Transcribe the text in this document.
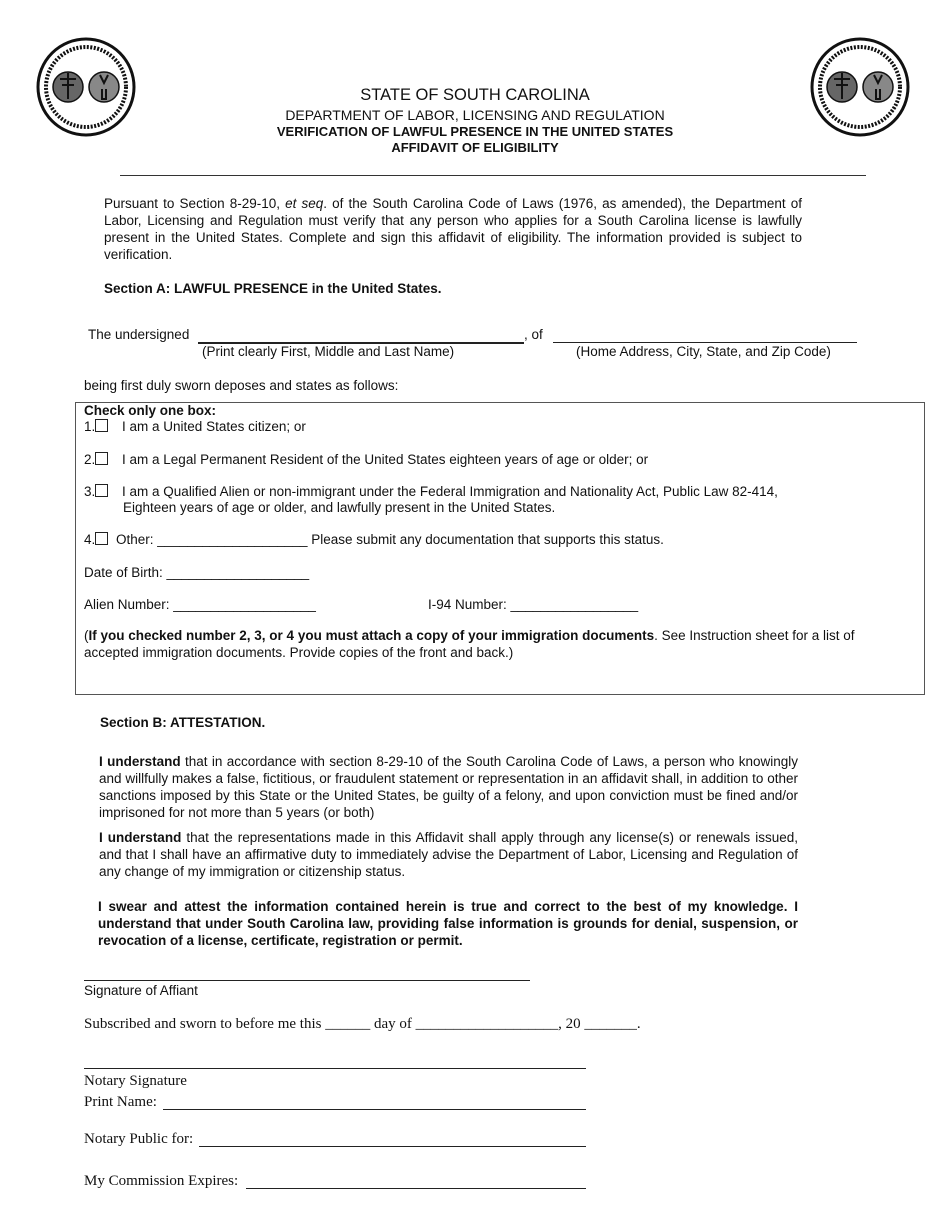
STATE OF SOUTH CAROLINA
DEPARTMENT OF LABOR, LICENSING AND REGULATION
VERIFICATION OF LAWFUL PRESENCE IN THE UNITED STATES
AFFIDAVIT OF ELIGIBILITY
Pursuant to Section 8-29-10, et seq. of the South Carolina Code of Laws (1976, as amended), the Department of Labor, Licensing and Regulation must verify that any person who applies for a South Carolina license is lawfully present in the United States. Complete and sign this affidavit of eligibility. The information provided is subject to verification.
Section A: LAWFUL PRESENCE in the United States.
The undersigned	, of
(Print clearly First, Middle and Last Name)	(Home Address, City, State, and Zip Code)
being first duly sworn deposes and states as follows:
Check only one box:
1. I am a United States citizen; or
2. I am a Legal Permanent Resident of the United States eighteen years of age or older; or
3. I am a Qualified Alien or non-immigrant under the Federal Immigration and Nationality Act, Public Law 82-414,
Eighteen years of age or older, and lawfully present in the United States.
4. Other: ____________________ Please submit any documentation that supports this status.
Date of Birth: ___________________
Alien Number: ___________________	I-94 Number: _________________
(If you checked number 2, 3, or 4 you must attach a copy of your immigration documents. See Instruction sheet for a list of accepted immigration documents. Provide copies of the front and back.)
Section B: ATTESTATION.
I understand that in accordance with section 8-29-10 of the South Carolina Code of Laws, a person who knowingly and willfully makes a false, fictitious, or fraudulent statement or representation in an affidavit shall, in addition to other sanctions imposed by this State or the United States, be guilty of a felony, and upon conviction must be fined and/or imprisoned for not more than 5 years (or both)
I understand that the representations made in this Affidavit shall apply through any license(s) or renewals issued, and that I shall have an affirmative duty to immediately advise the Department of Labor, Licensing and Regulation of any change of my immigration or citizenship status.
I swear and attest the information contained herein is true and correct to the best of my knowledge. I understand that under South Carolina law, providing false information is grounds for denial, suspension, or revocation of a license, certificate, registration or permit.
Signature of Affiant
Subscribed and sworn to before me this ______ day of ___________________, 20 _______.
Notary Signature
Print Name:
Notary Public for:
My Commission Expires:
